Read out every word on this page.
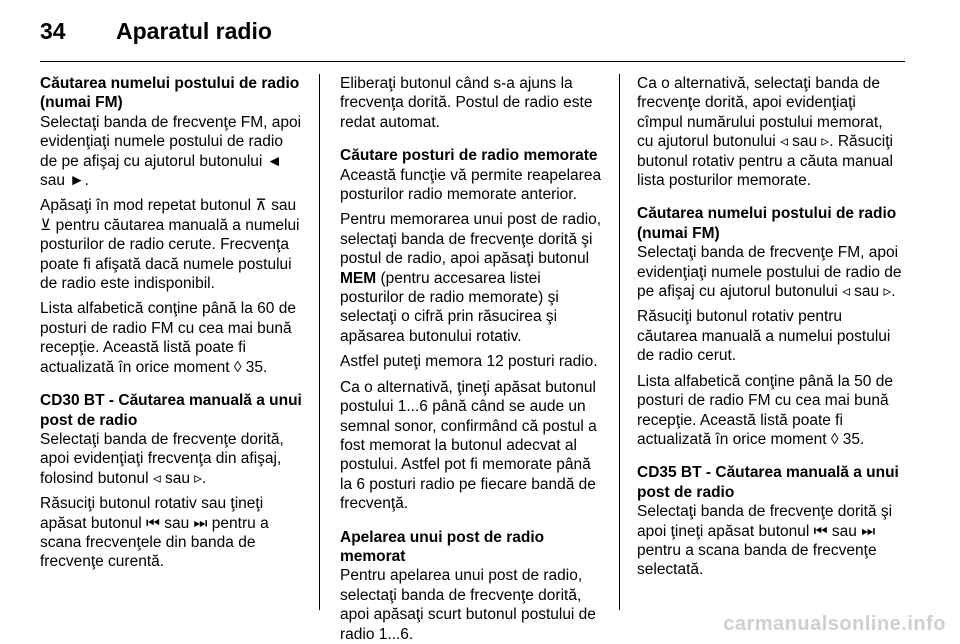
34 Aparatul radio
Căutarea numelui postului de radio (numai FM)

Selectaţi banda de frecvenţe FM, apoi evidenţiaţi numele postului de radio de pe afişaj cu ajutorul butonului ◄ sau ►.

Apăsaţi în mod repetat butonul ⊼ sau ⊻ pentru căutarea manuală a numelui posturilor de radio cerute. Frecvenţa poate fi afişată dacă numele postului de radio este indisponibil.

Lista alfabetică conţine până la 60 de posturi de radio FM cu cea mai bună recepţie. Această listă poate fi actualizată în orice moment ◊ 35.

CD30 BT - Căutarea manuală a unui post de radio

Selectaţi banda de frecvenţe dorită, apoi evidenţiaţi frecvenţa din afişaj, folosind butonul ◃ sau ▹.

Răsuciţi butonul rotativ sau ţineţi apăsat butonul ⏮ sau ⏭ pentru a scana frecvenţele din banda de frecvenţe curentă.

Eliberaţi butonul când s-a ajuns la frecvenţa dorită. Postul de radio este redat automat.

Căutare posturi de radio memorate

Această funcţie vă permite reapelarea posturilor radio memorate anterior.

Pentru memorarea unui post de radio, selectaţi banda de frecvenţe dorită şi postul de radio, apoi apăsaţi butonul MEM (pentru accesarea listei posturilor de radio memorate) şi selectaţi o cifră prin răsucirea şi apăsarea butonului rotativ.

Astfel puteţi memora 12 posturi radio.

Ca o alternativă, ţineţi apăsat butonul postului 1...6 până când se aude un semnal sonor, confirmând că postul a fost memorat la butonul adecvat al postului. Astfel pot fi memorate până la 6 posturi radio pe fiecare bandă de frecvenţă.

Apelarea unui post de radio memorat

Pentru apelarea unui post de radio, selectaţi banda de frecvenţe dorită, apoi apăsaţi scurt butonul postului de radio 1...6.

Ca o alternativă, selectaţi banda de frecvenţe dorită, apoi evidenţiaţi cîmpul numărului postului memorat, cu ajutorul butonului ◃ sau ▹. Răsuciţi butonul rotativ pentru a căuta manual lista posturilor memorate.

Căutarea numelui postului de radio (numai FM)

Selectaţi banda de frecvenţe FM, apoi evidenţiaţi numele postului de radio de pe afişaj cu ajutorul butonului ◃ sau ▹.

Răsuciţi butonul rotativ pentru căutarea manuală a numelui postului de radio cerut.

Lista alfabetică conţine până la 50 de posturi de radio FM cu cea mai bună recepţie. Această listă poate fi actualizată în orice moment ◊ 35.

CD35 BT - Căutarea manuală a unui post de radio

Selectaţi banda de frecvenţe dorită şi apoi ţineţi apăsat butonul ⏮ sau ⏭ pentru a scana banda de frecvenţe selectată.

carmanualsonline.info
